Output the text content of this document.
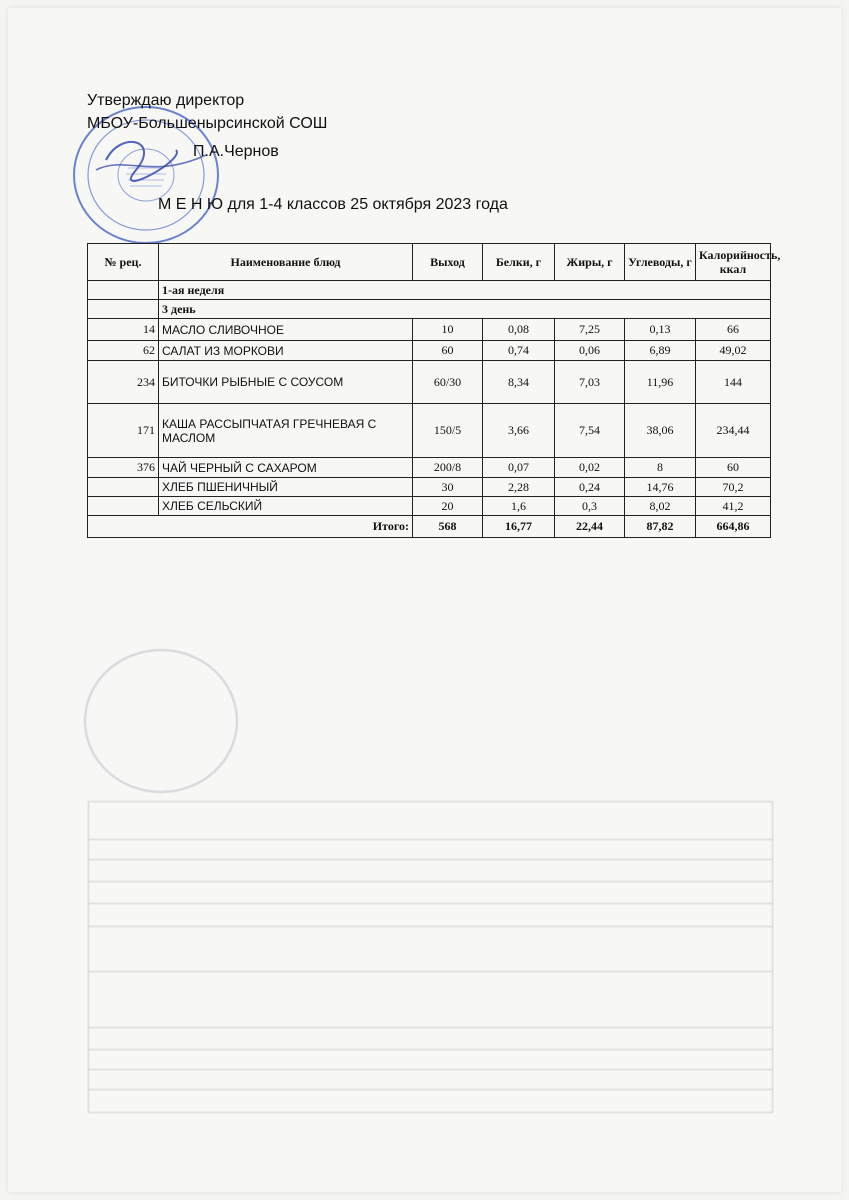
Утверждаю директор
МБОУ-Большенырсинской СОШ
П.А.Чернов
М Е Н Ю для 1-4 классов 25 октября 2023 года
№ рец.	Наименование блюд	Выход	Белки, г	Жиры, г	Углеводы, г	Калорийность, ккал
	1-ая неделя					
	3 день					
14	МАСЛО СЛИВОЧНОЕ	10	0,08	7,25	0,13	66
62	САЛАТ ИЗ МОРКОВИ	60	0,74	0,06	6,89	49,02
234	БИТОЧКИ РЫБНЫЕ С СОУСОМ	60/30	8,34	7,03	11,96	144
171	КАША РАССЫПЧАТАЯ ГРЕЧНЕВАЯ С МАСЛОМ	150/5	3,66	7,54	38,06	234,44
376	ЧАЙ ЧЕРНЫЙ С САХАРОМ	200/8	0,07	0,02	8	60
	ХЛЕБ ПШЕНИЧНЫЙ	30	2,28	0,24	14,76	70,2
	ХЛЕБ СЕЛЬСКИЙ	20	1,6	0,3	8,02	41,2
Итого:		568	16,77	22,44	87,82	664,86
